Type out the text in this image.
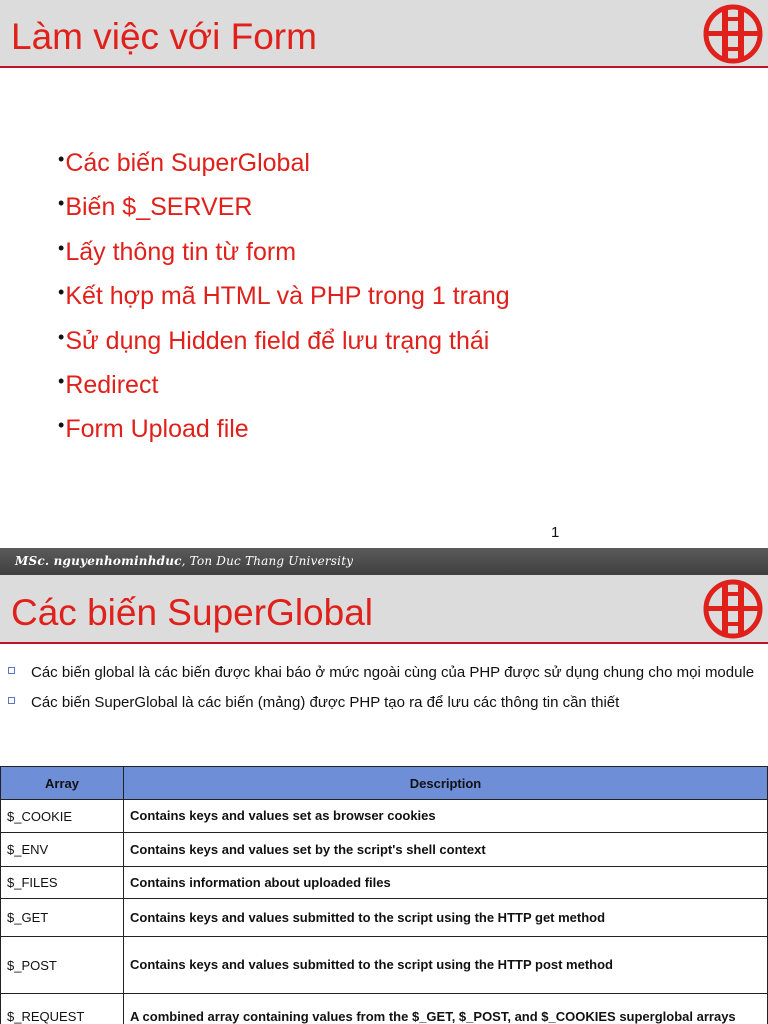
Làm việc với Form
•Các biến SuperGlobal
•Biến $_SERVER
•Lấy thông tin từ form
•Kết hợp mã HTML và PHP trong 1 trang
•Sử dụng Hidden field để lưu trạng thái
•Redirect
•Form Upload file
1
MSc. nguyenhominhduc, Ton Duc Thang University
Các biến SuperGlobal
Các biến global là các biến được khai báo ở mức ngoài cùng của PHP được sử dụng chung cho mọi module
Các biến SuperGlobal là các biến (mảng) được PHP tạo ra để lưu các thông tin cần thiết
Array	Description
$_COOKIE	Contains keys and values set as browser cookies
$_ENV	Contains keys and values set by the script's shell context
$_FILES	Contains information about uploaded files
$_GET	Contains keys and values submitted to the script using the HTTP get method
$_POST	Contains keys and values submitted to the script using the HTTP post method
$_REQUEST	A combined array containing values from the $_GET, $_POST, and $_COOKIES superglobal arrays
